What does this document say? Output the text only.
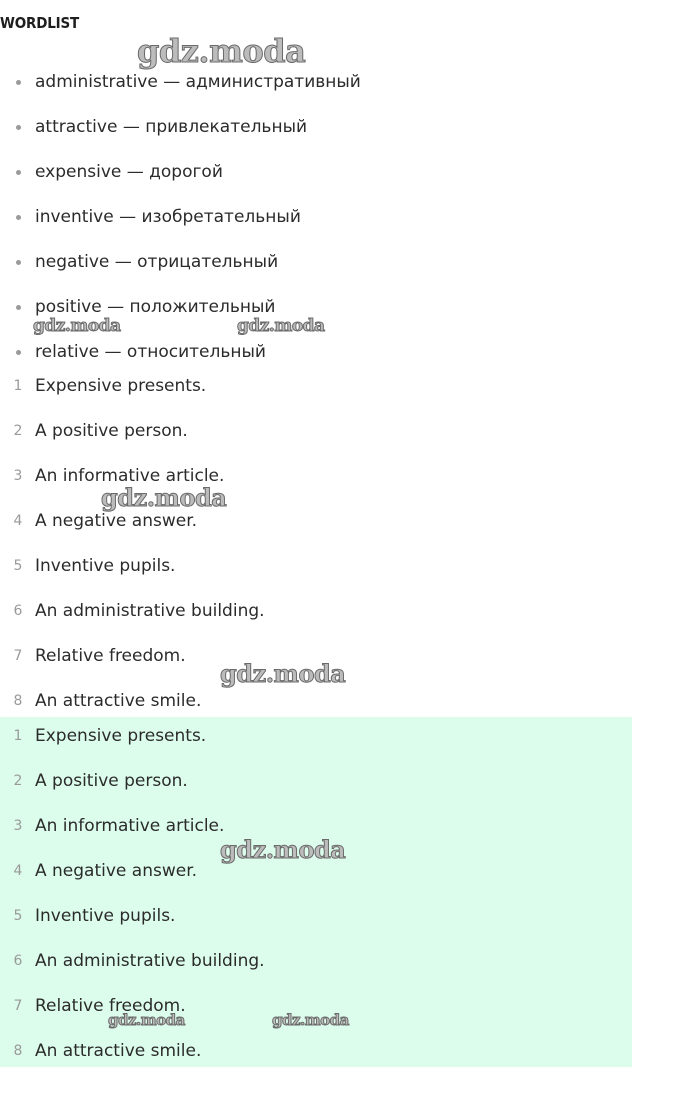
WORDLIST
administrative — административный
attractive — привлекательный
expensive — дорогой
inventive — изобретательный
negative — отрицательный
positive — положительный
relative — относительный
1 Expensive presents.
2 A positive person.
3 An informative article.
4 A negative answer.
5 Inventive pupils.
6 An administrative building.
7 Relative freedom.
8 An attractive smile.
1 Expensive presents.
2 A positive person.
3 An informative article.
4 A negative answer.
5 Inventive pupils.
6 An administrative building.
7 Relative freedom.
8 An attractive smile.
gdz.moda
gdz.moda	gdz.moda
gdz.moda
gdz.moda
gdz.moda
gdz.moda	gdz.moda
